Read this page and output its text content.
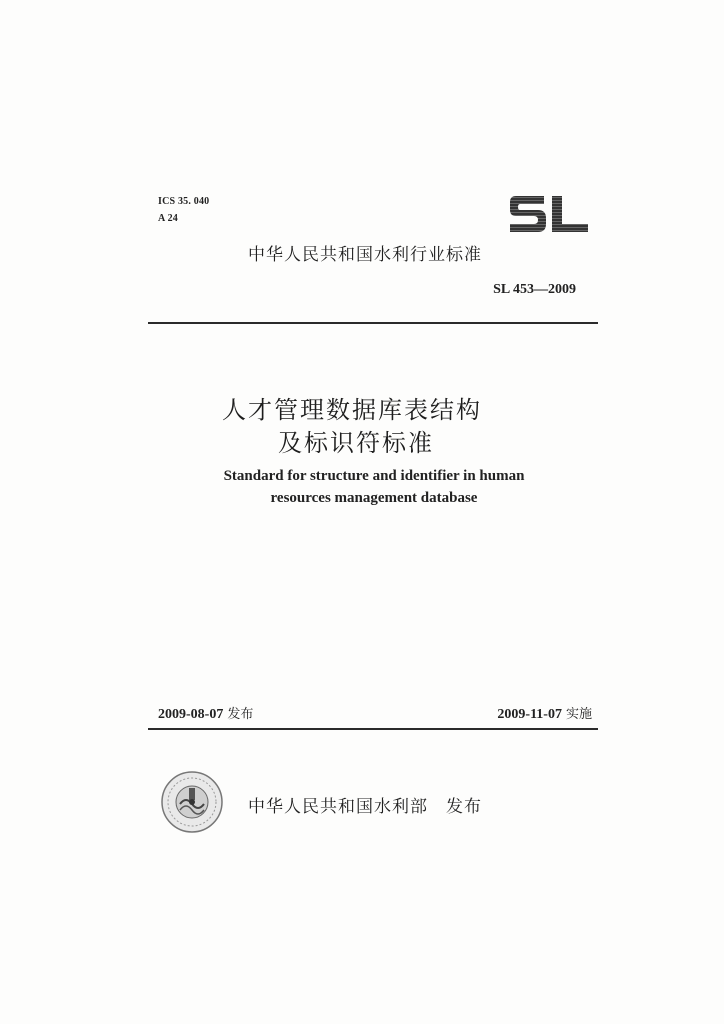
ICS 35. 040
A 24
中华人民共和国水利行业标准
SL 453—2009
人才管理数据库表结构
及标识符标准
Standard for structure and identifier in human
resources management database
2009-08-07 发布	2009-11-07 实施
中华人民共和国水利部 发布
